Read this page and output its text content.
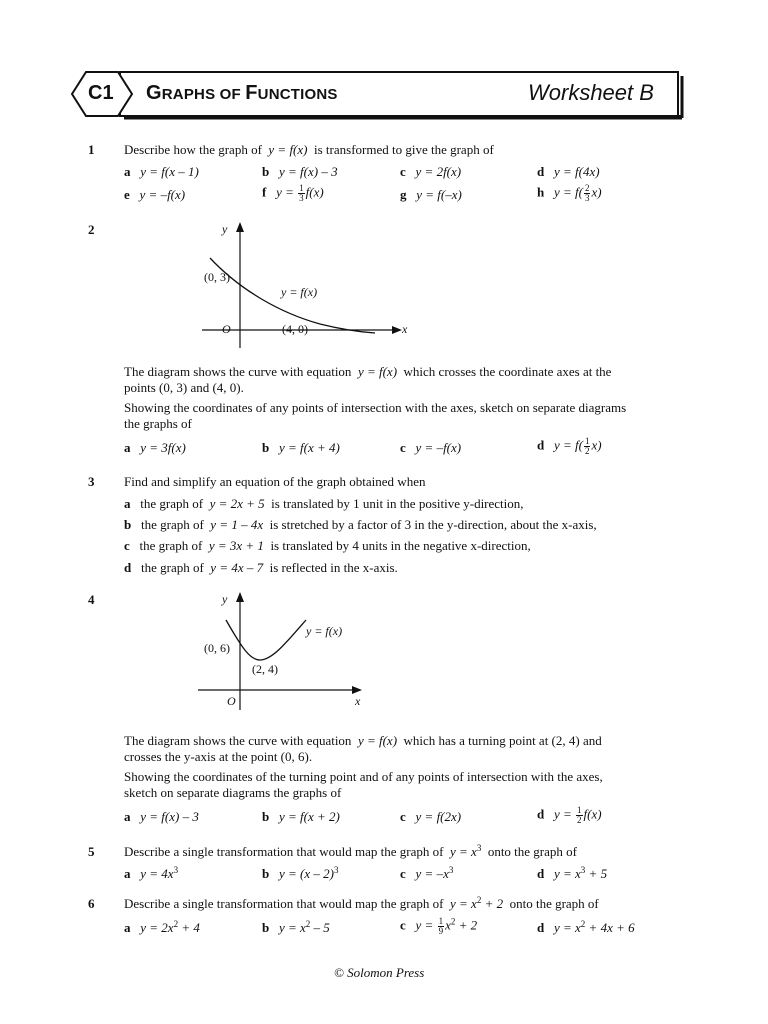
C1 GRAPHS OF FUNCTIONS	Worksheet B
1 Describe how the graph of y = f(x) is transformed to give the graph of
a y = f(x – 1)	b y = f(x) – 3	c y = 2f(x)	d y = f(4x)
e y = –f(x)	f $y = \frac{1}{3} f(x)$	g y = f(–x)	h $y = f( \frac{2}{3} x)$
2	y
x
O
(0, 3)
(4, 0)
y = f(x)
The diagram shows the curve with equation y = f(x) which crosses the coordinate axes at the
points (0, 3) and (4, 0).
Showing the coordinates of any points of intersection with the axes, sketch on separate diagrams
the graphs of
a y = 3f(x)	b y = f(x + 4)	c y = –f(x)	d $y = f( \frac{1}{2} x)$
3 Find and simplify an equation of the graph obtained when
a the graph of y = 2x + 5 is translated by 1 unit in the positive y-direction,
b the graph of y = 1 – 4x is stretched by a factor of 3 in the y-direction, about the x-axis,
c the graph of y = 3x + 1 is translated by 4 units in the negative x-direction,
d the graph of y = 4x – 7 is reflected in the x-axis.
4	y
x
O
(0, 6)
(2, 4)
y = f(x)
The diagram shows the curve with equation y = f(x) which has a turning point at (2, 4) and
crosses the y-axis at the point (0, 6).
Showing the coordinates of the turning point and of any points of intersection with the axes,
sketch on separate diagrams the graphs of
a y = f(x) – 3	b y = f(x + 2)	c y = f(2x)	d $y = \frac{1}{2} f(x)$
5 Describe a single transformation that would map the graph of $y = x^3$ onto the graph of
a $y = 4x^3$	b y = (x – 2)$^3$	c $y = -x^3$	d $y = x^3 + 5$
6 Describe a single transformation that would map the graph of $y = x^2 + 2$ onto the graph of
a $y = 2x^2 + 4$	b $y = x^2 - 5$	c $y = \frac{1}{9} x^2 + 2$	d $y = x^2 + 4x + 6$
© Solomon Press
